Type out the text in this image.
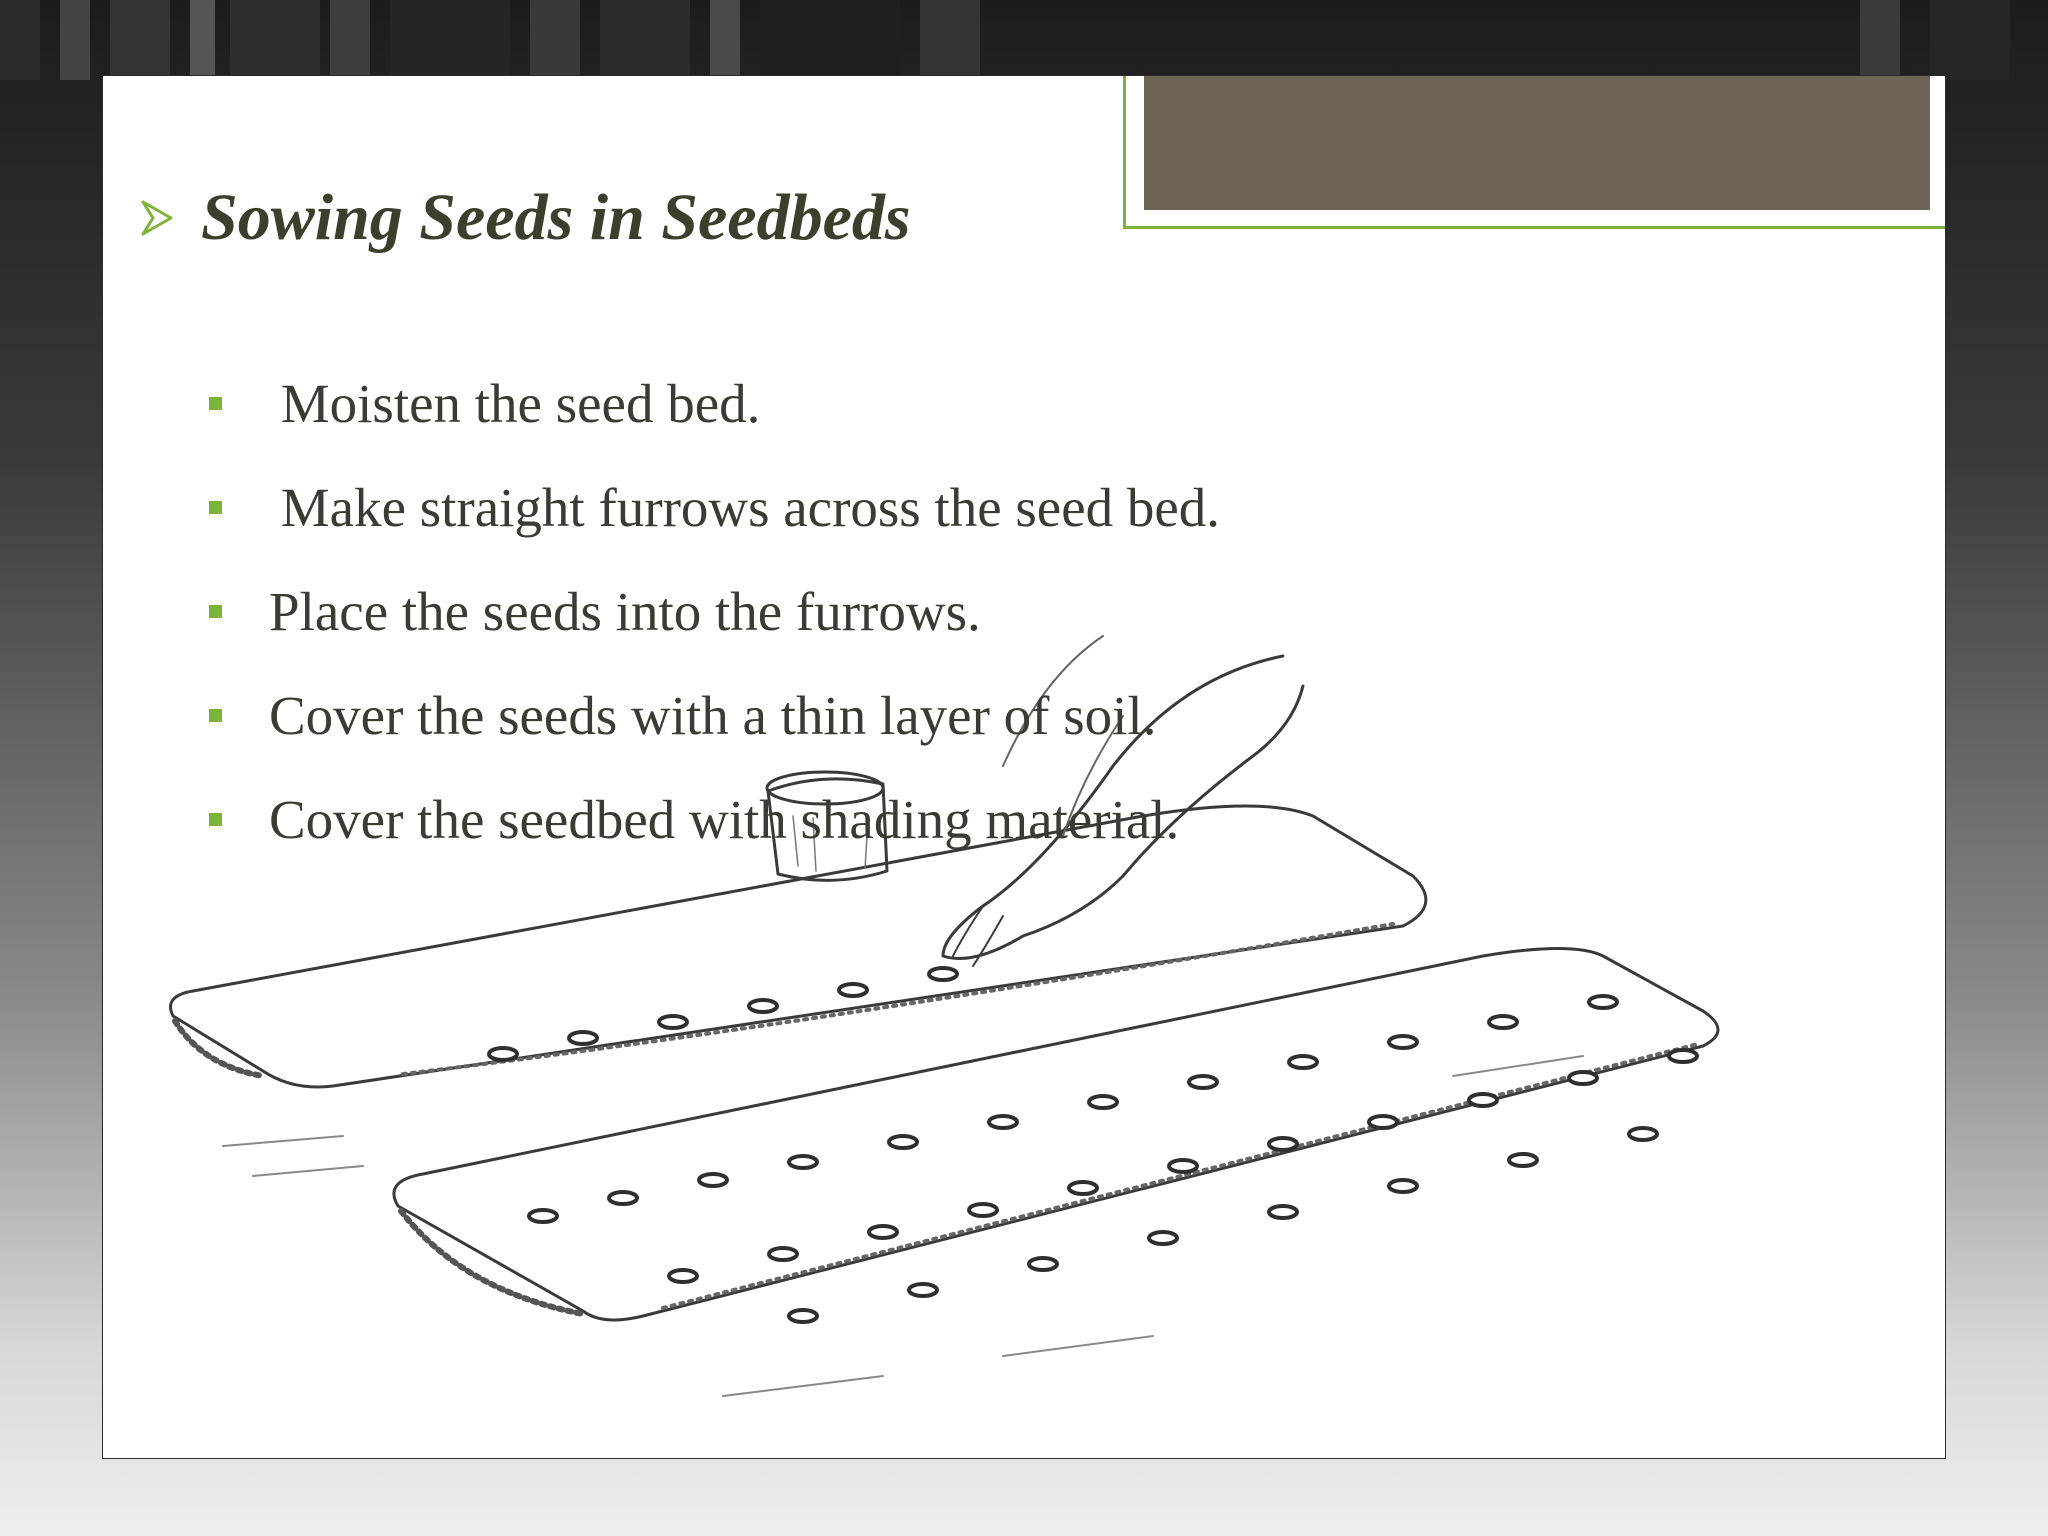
Sowing Seeds in Seedbeds
Moisten the seed bed.
Make straight furrows across the seed bed.
Place the seeds into the furrows.
Cover the seeds with a thin layer of soil.
Cover the seedbed with shading material.
